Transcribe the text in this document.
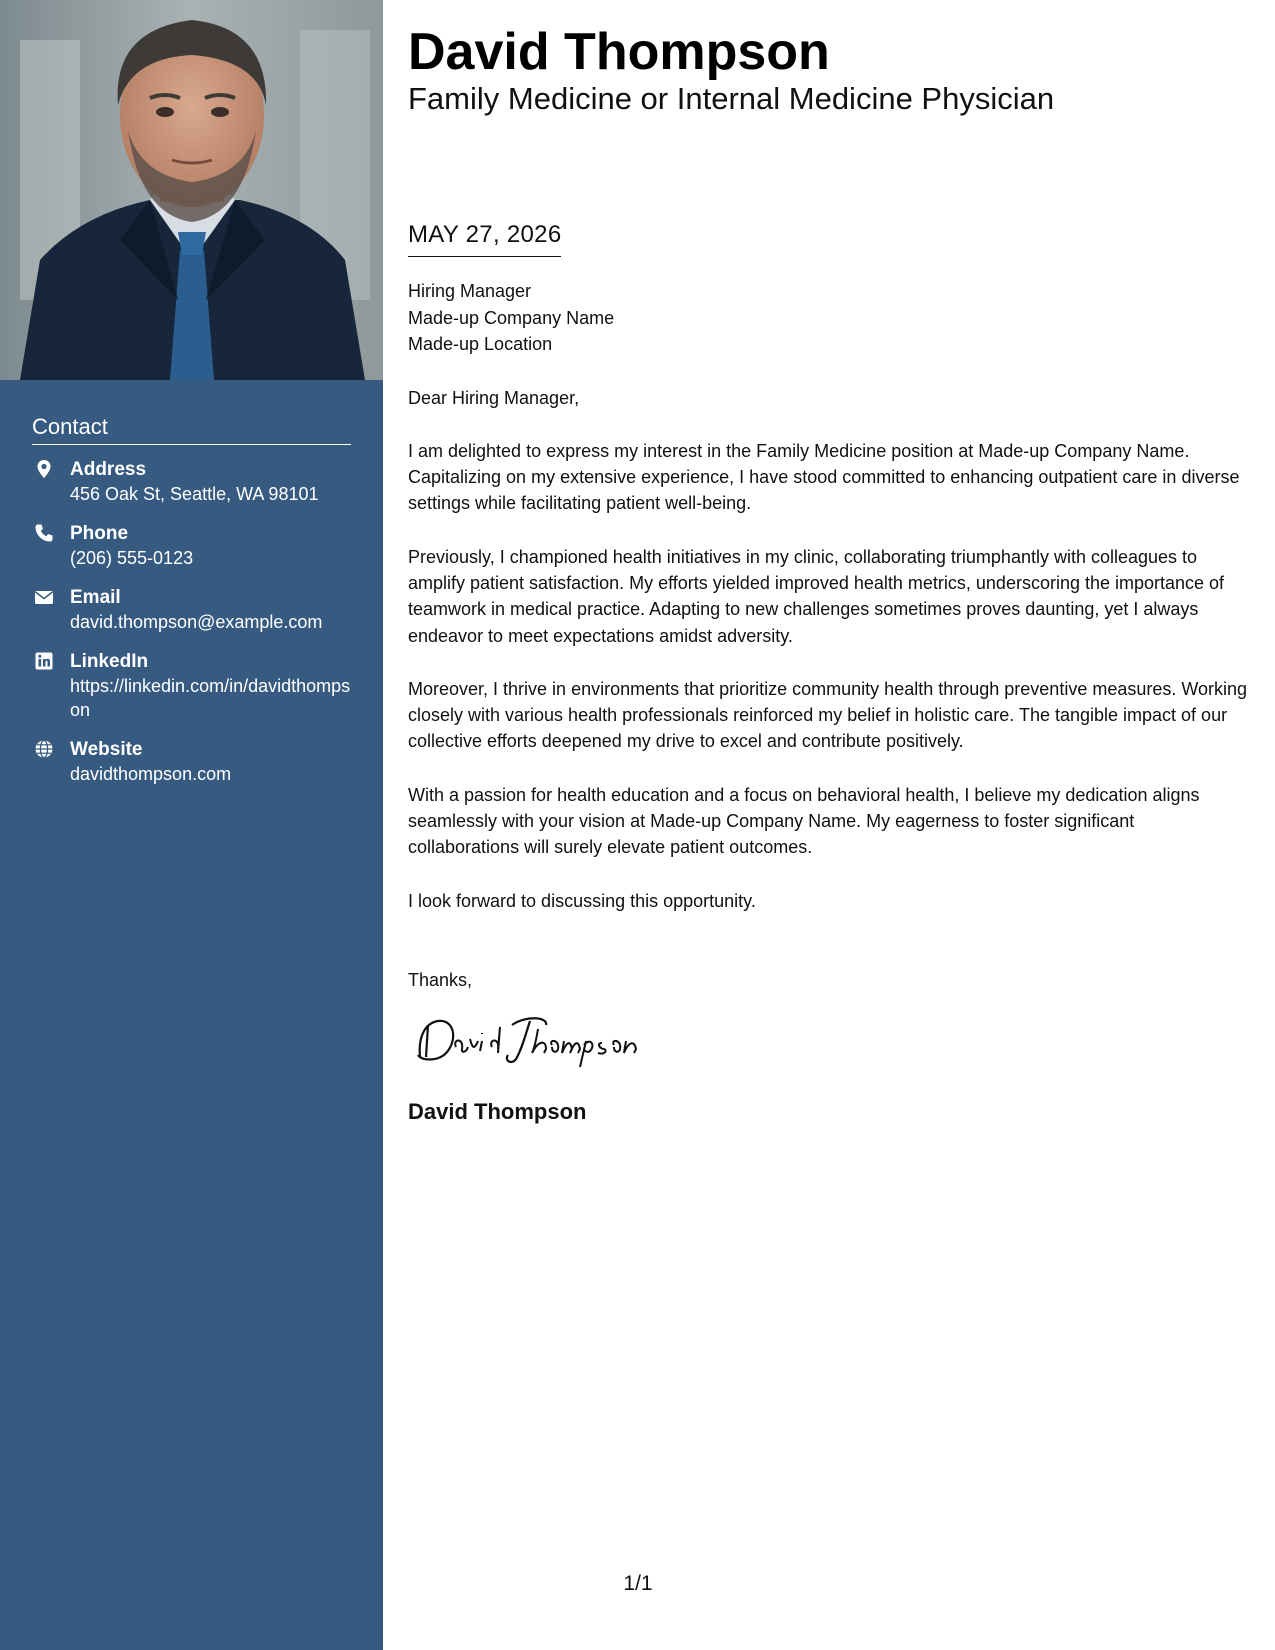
Contact
Address
456 Oak St, Seattle, WA 98101
Phone
(206) 555-0123
Email
david.thompson@example.com
LinkedIn
https://linkedin.com/in/davidthompson
Website
davidthompson.com
David Thompson
Family Medicine or Internal Medicine Physician
MAY 27, 2026
Hiring Manager
Made-up Company Name
Made-up Location

Dear Hiring Manager,

I am delighted to express my interest in the Family Medicine position at Made-up Company Name. Capitalizing on my extensive experience, I have stood committed to enhancing outpatient care in diverse settings while facilitating patient well-being.

Previously, I championed health initiatives in my clinic, collaborating triumphantly with colleagues to amplify patient satisfaction. My efforts yielded improved health metrics, underscoring the importance of teamwork in medical practice. Adapting to new challenges sometimes proves daunting, yet I always endeavor to meet expectations amidst adversity.

Moreover, I thrive in environments that prioritize community health through preventive measures. Working closely with various health professionals reinforced my belief in holistic care. The tangible impact of our collective efforts deepened my drive to excel and contribute positively.

With a passion for health education and a focus on behavioral health, I believe my dedication aligns seamlessly with your vision at Made-up Company Name. My eagerness to foster significant collaborations will surely elevate patient outcomes.

I look forward to discussing this opportunity.

Thanks,
David Thompson
1/1
